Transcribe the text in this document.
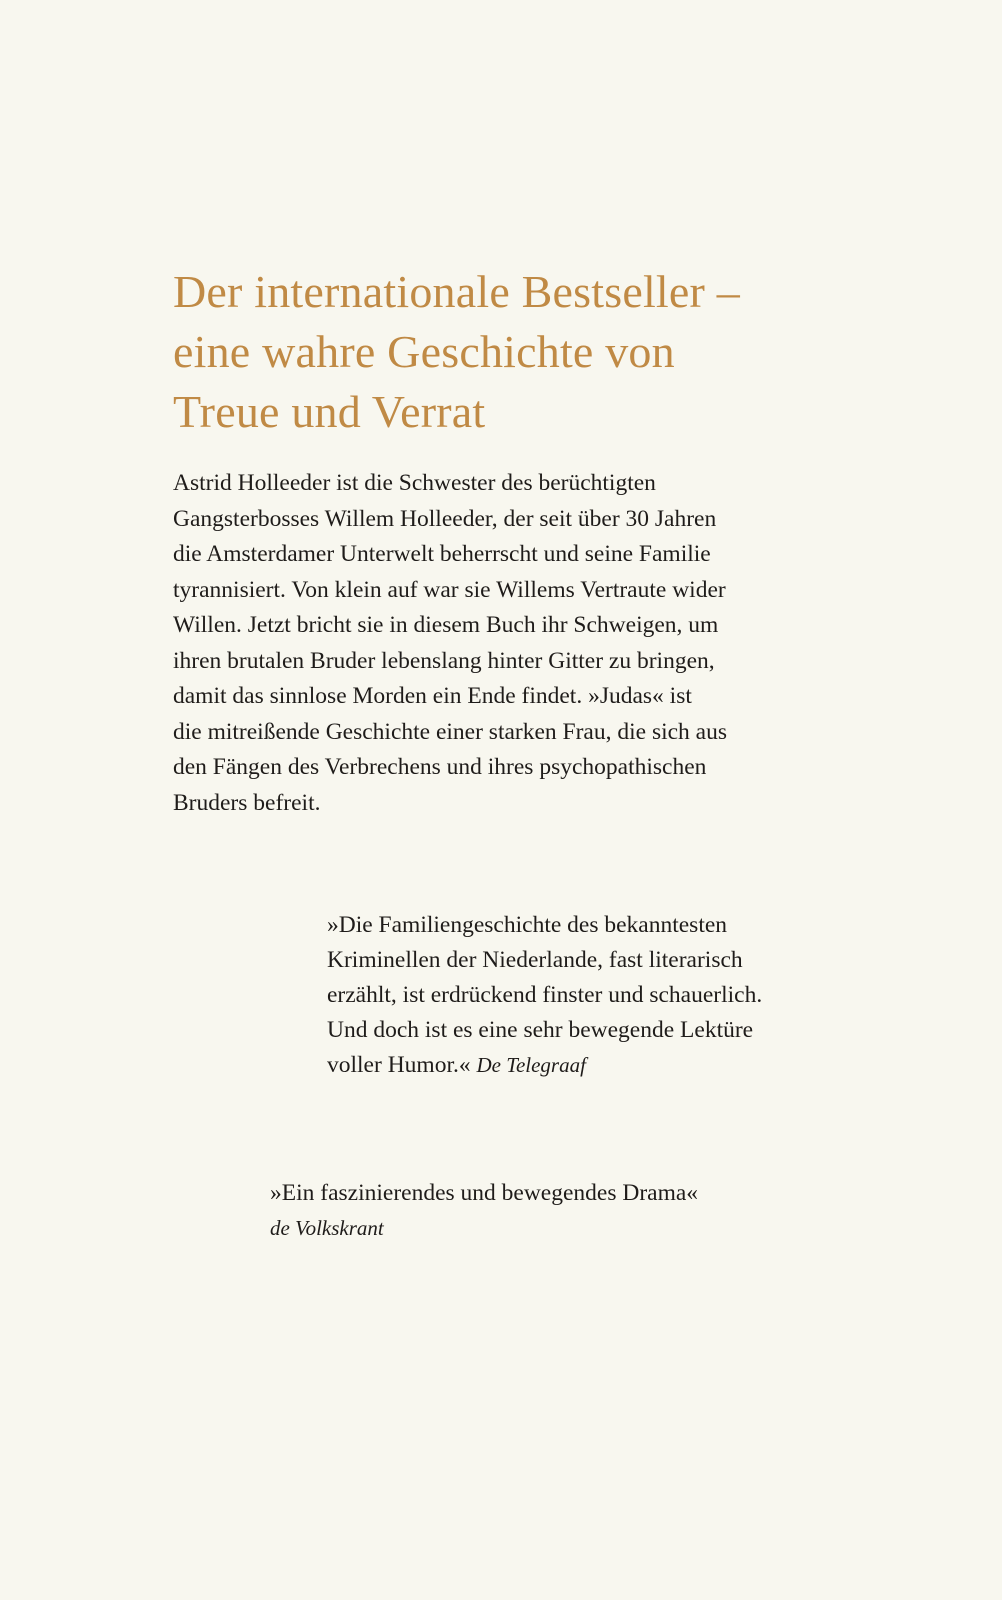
Der internationale Bestseller –
eine wahre Geschichte von
Treue und Verrat

Astrid Holleeder ist die Schwester des berüchtigten
Gangsterbosses Willem Holleeder, der seit über 30 Jahren
die Amsterdamer Unterwelt beherrscht und seine Familie
tyrannisiert. Von klein auf war sie Willems Vertraute wider
Willen. Jetzt bricht sie in diesem Buch ihr Schweigen, um
ihren brutalen Bruder lebenslang hinter Gitter zu bringen,
damit das sinnlose Morden ein Ende findet. »Judas« ist
die mitreißende Geschichte einer starken Frau, die sich aus
den Fängen des Verbrechens und ihres psychopathischen
Bruders befreit.

»Die Familiengeschichte des bekanntesten
Kriminellen der Niederlande, fast literarisch
erzählt, ist erdrückend finster und schauerlich.
Und doch ist es eine sehr bewegende Lektüre
voller Humor.« De Telegraaf
»Ein faszinierendes und bewegendes Drama«
de Volkskrant
